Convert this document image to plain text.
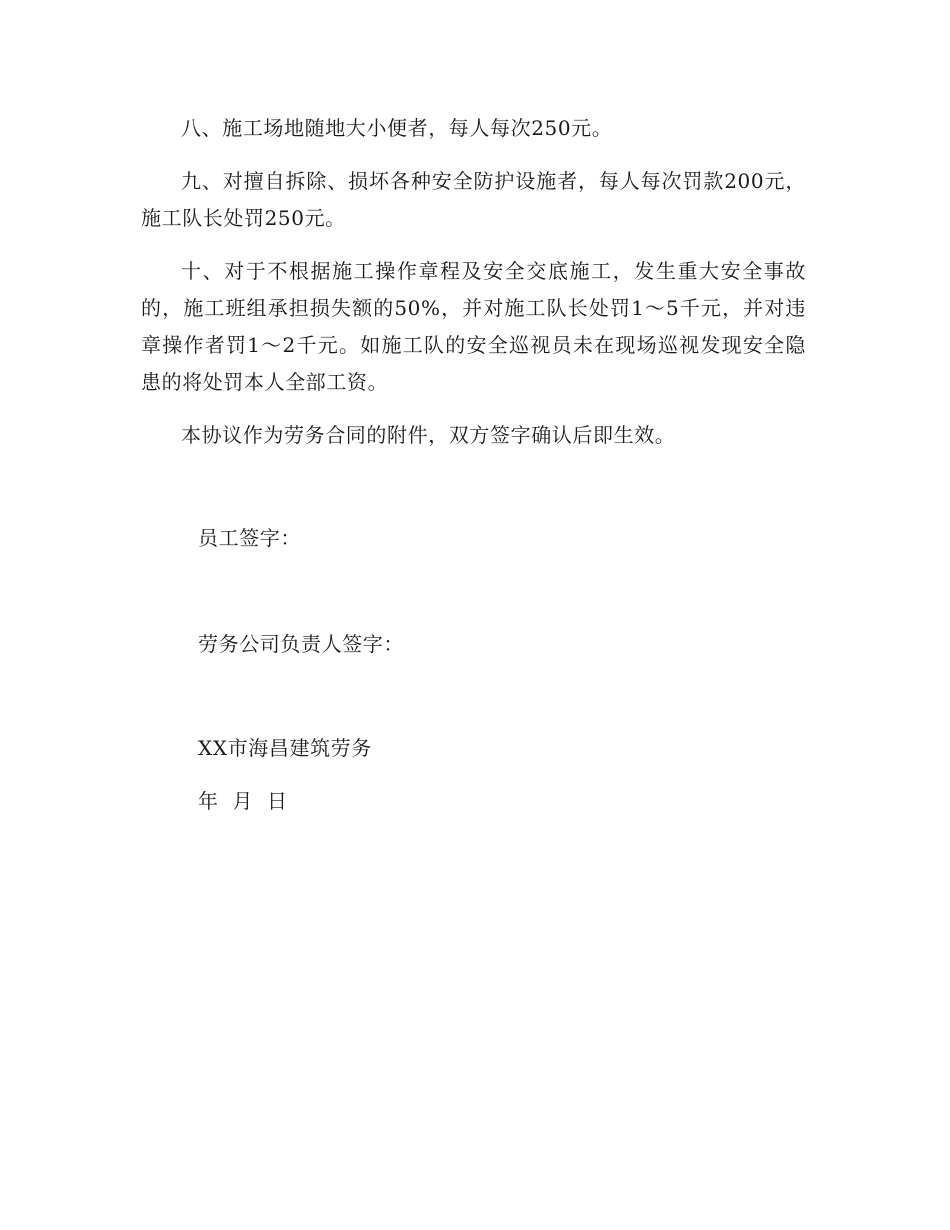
八、施工场地随地大小便者，每人每次250元。

九、对擅自拆除、损坏各种安全防护设施者，每人每次罚款200元，施工队长处罚250元。

十、对于不根据施工操作章程及安全交底施工，发生重大安全事故的，施工班组承担损失额的50%，并对施工队长处罚1～5千元，并对违章操作者罚1～2千元。如施工队的安全巡视员未在现场巡视发现安全隐患的将处罚本人全部工资。

本协议作为劳务合同的附件，双方签字确认后即生效。

员工签字：
劳务公司负责人签字：
XX市海昌建筑劳务
年  月  日
